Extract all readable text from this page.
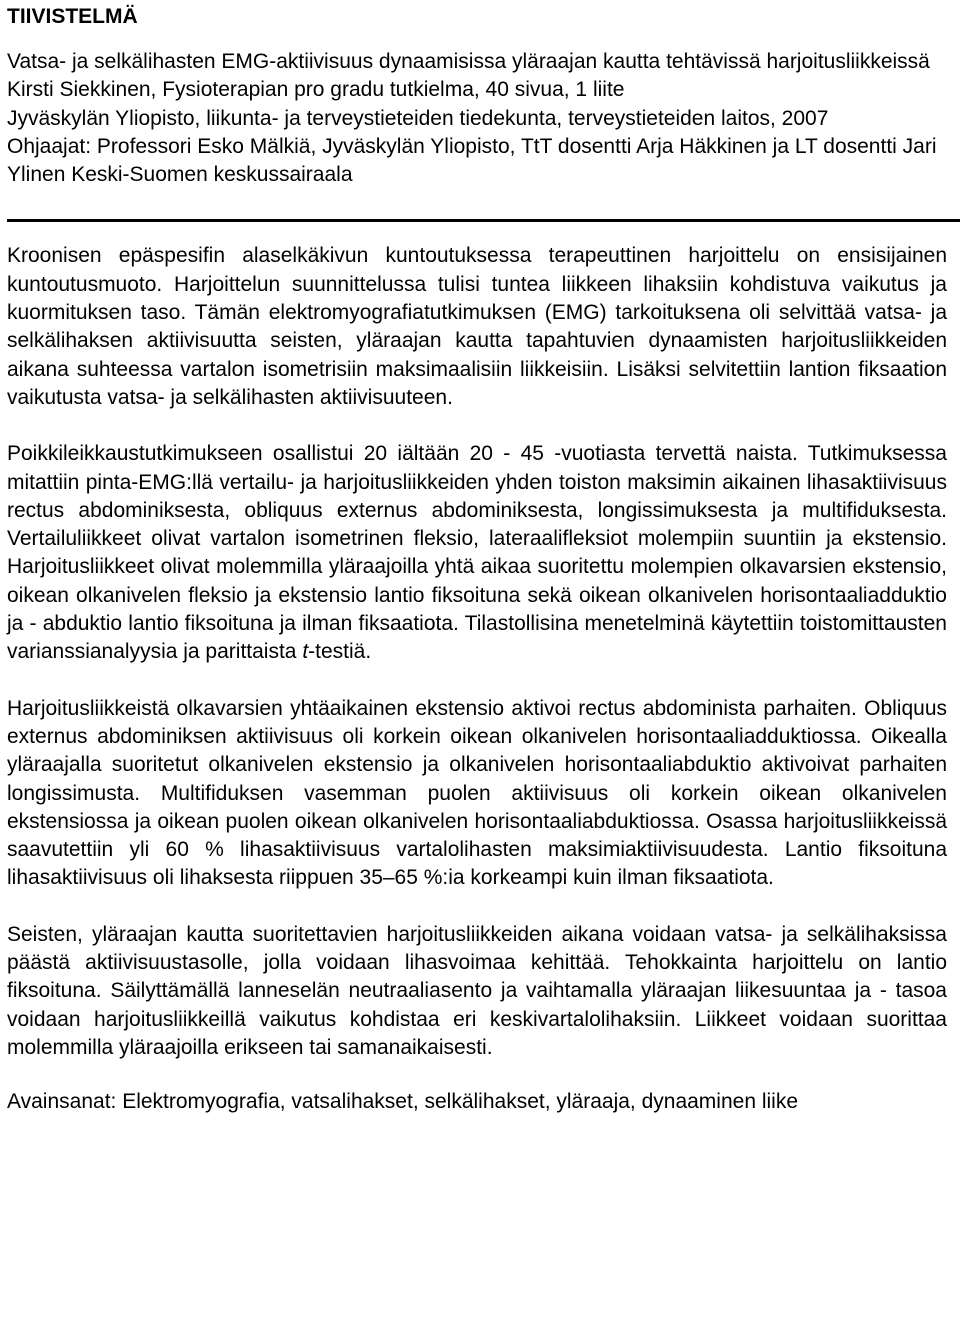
TIIVISTELMÄ
Vatsa- ja selkälihasten EMG-aktiivisuus dynaamisissa yläraajan kautta tehtävissä harjoitusliikkeissä
Kirsti Siekkinen, Fysioterapian pro gradu tutkielma, 40 sivua, 1 liite
Jyväskylän Yliopisto, liikunta- ja terveystieteiden tiedekunta, terveystieteiden laitos, 2007
Ohjaajat: Professori Esko Mälkiä, Jyväskylän Yliopisto, TtT dosentti Arja Häkkinen ja LT dosentti Jari Ylinen Keski-Suomen keskussairaala

Kroonisen epäspesifin alaselkäkivun kuntoutuksessa terapeuttinen harjoittelu on ensisijainen kuntoutusmuoto. Harjoittelun suunnittelussa tulisi tuntea liikkeen lihaksiin kohdistuva vaikutus ja kuormituksen taso. Tämän elektromyografiatutkimuksen (EMG) tarkoituksena oli selvittää vatsa- ja selkälihaksen aktiivisuutta seisten, yläraajan kautta tapahtuvien dynaamisten harjoitusliikkeiden aikana suhteessa vartalon isometrisiin maksimaalisiin liikkeisiin. Lisäksi selvitettiin lantion fiksaation vaikutusta vatsa- ja selkälihasten aktiivisuuteen.

Poikkileikkaustutkimukseen osallistui 20 iältään 20 - 45 -vuotiasta tervettä naista. Tutkimuksessa mitattiin pinta-EMG:llä vertailu- ja harjoitusliikkeiden yhden toiston maksimin aikainen lihasaktiivisuus rectus abdominiksesta, obliquus externus abdominiksesta, longissimuksesta ja multifiduksesta. Vertailuliikkeet olivat vartalon isometrinen fleksio, lateraalifleksiot molempiin suuntiin ja ekstensio. Harjoitusliikkeet olivat molemmilla yläraajoilla yhtä aikaa suoritettu molempien olkavarsien ekstensio, oikean olkanivelen fleksio ja ekstensio lantio fiksoituna sekä oikean olkanivelen horisontaaliadduktio ja - abduktio lantio fiksoituna ja ilman fiksaatiota. Tilastollisina menetelminä käytettiin toistomittausten varianssianalyysia ja parittaista t-testiä.

Harjoitusliikkeistä olkavarsien yhtäaikainen ekstensio aktivoi rectus abdominista parhaiten. Obliquus externus abdominiksen aktiivisuus oli korkein oikean olkanivelen horisontaaliadduktiossa. Oikealla yläraajalla suoritetut olkanivelen ekstensio ja olkanivelen horisontaaliabduktio aktivoivat parhaiten longissimusta. Multifiduksen vasemman puolen aktiivisuus oli korkein oikean olkanivelen ekstensiossa ja oikean puolen oikean olkanivelen horisontaaliabduktiossa. Osassa harjoitusliikkeissä saavutettiin yli 60 % lihasaktiivisuus vartalolihasten maksimiaktiivisuudesta. Lantio fiksoituna lihasaktiivisuus oli lihaksesta riippuen 35–65 %:ia korkeampi kuin ilman fiksaatiota.

Seisten, yläraajan kautta suoritettavien harjoitusliikkeiden aikana voidaan vatsa- ja selkälihaksissa päästä aktiivisuustasolle, jolla voidaan lihasvoimaa kehittää. Tehokkainta harjoittelu on lantio fiksoituna. Säilyttämällä lanneselän neutraaliasento ja vaihtamalla yläraajan liikesuuntaa ja - tasoa voidaan harjoitusliikkeillä vaikutus kohdistaa eri keskivartalolihaksiin. Liikkeet voidaan suorittaa molemmilla yläraajoilla erikseen tai samanaikaisesti.

Avainsanat: Elektromyografia, vatsalihakset, selkälihakset, yläraaja, dynaaminen liike
